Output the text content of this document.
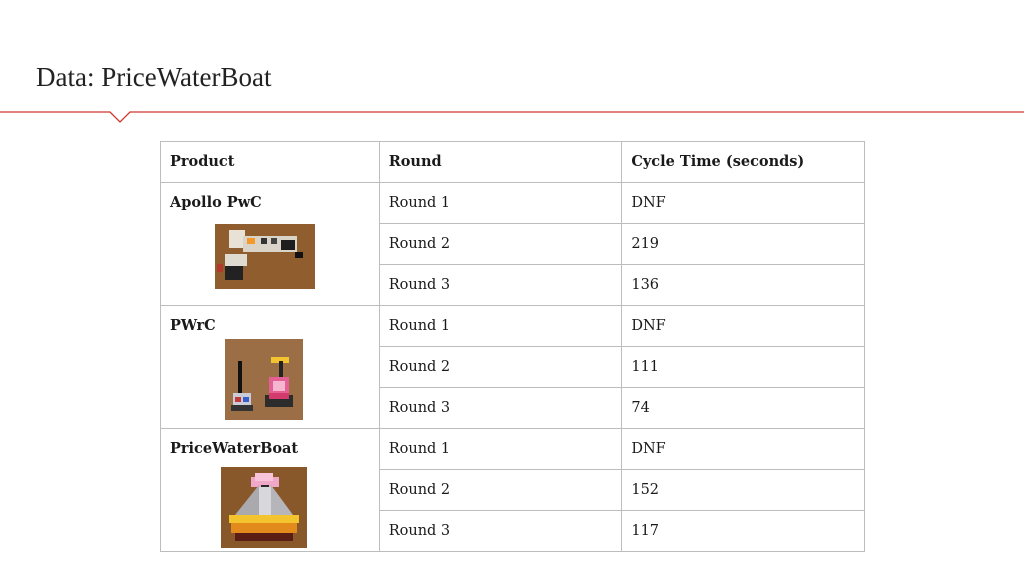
Data: PriceWaterBoat
Product	Round	Cycle Time (seconds)

Apollo PwC	Round 1	DNF
	Round 2	219
	Round 3	136

PWrC	Round 1	DNF
	Round 2	111
	Round 3	74

PriceWaterBoat	Round 1	DNF
	Round 2	152
	Round 3	117
